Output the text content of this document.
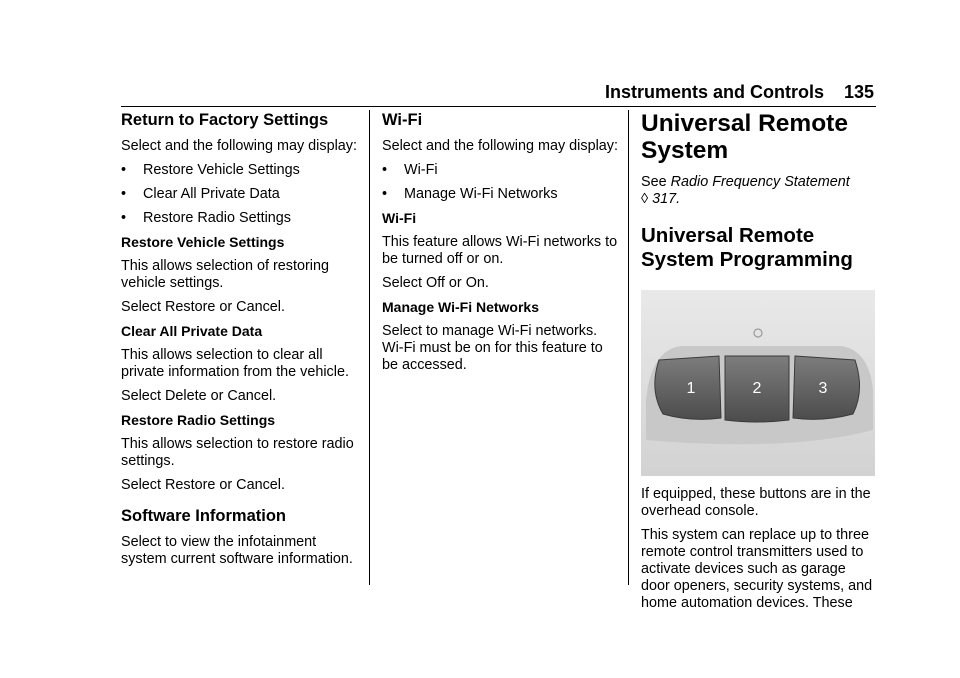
Instruments and Controls 135
Return to Factory Settings

Select and the following may display:

•	Restore Vehicle Settings
•	Clear All Private Data
•	Restore Radio Settings
Restore Vehicle Settings

This allows selection of restoring vehicle settings.

Select Restore or Cancel.

Clear All Private Data

This allows selection to clear all private information from the vehicle.

Select Delete or Cancel.

Restore Radio Settings

This allows selection to restore radio settings.

Select Restore or Cancel.

Software Information

Select to view the infotainment system current software information.

Wi-Fi

Select and the following may display:

•	Wi-Fi
•	Manage Wi-Fi Networks
Wi-Fi

This feature allows Wi-Fi networks to be turned off or on.

Select Off or On.

Manage Wi-Fi Networks

Select to manage Wi-Fi networks. Wi-Fi must be on for this feature to be accessed.

Universal Remote System

See Radio Frequency Statement
◊ 317.

Universal Remote System Programming
1	2	3

If equipped, these buttons are in the overhead console.

This system can replace up to three remote control transmitters used to activate devices such as garage door openers, security systems, and home automation devices. These
